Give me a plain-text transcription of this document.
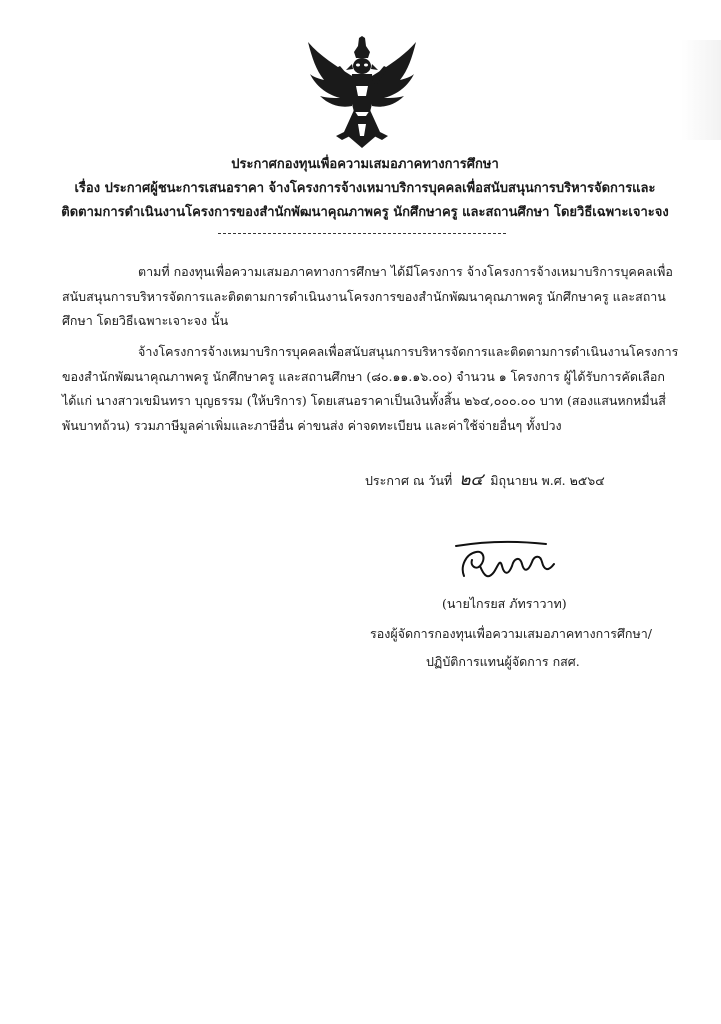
ประกาศกองทุนเพื่อความเสมอภาคทางการศึกษา
เรื่อง ประกาศผู้ชนะการเสนอราคา จ้างโครงการจ้างเหมาบริการบุคคลเพื่อสนับสนุนการบริหารจัดการและ
ติดตามการดำเนินงานโครงการของสำนักพัฒนาคุณภาพครู นักศึกษาครู และสถานศึกษา โดยวิธีเฉพาะเจาะจง
ตามที่ กองทุนเพื่อความเสมอภาคทางการศึกษา ได้มีโครงการ จ้างโครงการจ้างเหมาบริการบุคคลเพื่อ
สนับสนุนการบริหารจัดการและติดตามการดำเนินงานโครงการของสำนักพัฒนาคุณภาพครู นักศึกษาครู และสถาน
ศึกษา โดยวิธีเฉพาะเจาะจง นั้น
จ้างโครงการจ้างเหมาบริการบุคคลเพื่อสนับสนุนการบริหารจัดการและติดตามการดำเนินงานโครงการ
ของสำนักพัฒนาคุณภาพครู นักศึกษาครู และสถานศึกษา (๘๐.๑๑.๑๖.๐๐) จำนวน ๑ โครงการ ผู้ได้รับการคัดเลือก
ได้แก่ นางสาวเขมินทรา บุญธรรม (ให้บริการ) โดยเสนอราคาเป็นเงินทั้งสิ้น ๒๖๔,๐๐๐.๐๐ บาท (สองแสนหกหมื่นสี่
พันบาทถ้วน) รวมภาษีมูลค่าเพิ่มและภาษีอื่น ค่าขนส่ง ค่าจดทะเบียน และค่าใช้จ่ายอื่นๆ ทั้งปวง
ประกาศ ณ วันที่ ๒๔ มิถุนายน พ.ศ. ๒๕๖๔
(นายไกรยส ภัทราวาท)
รองผู้จัดการกองทุนเพื่อความเสมอภาคทางการศึกษา/
ปฏิบัติการแทนผู้จัดการ กสศ.
